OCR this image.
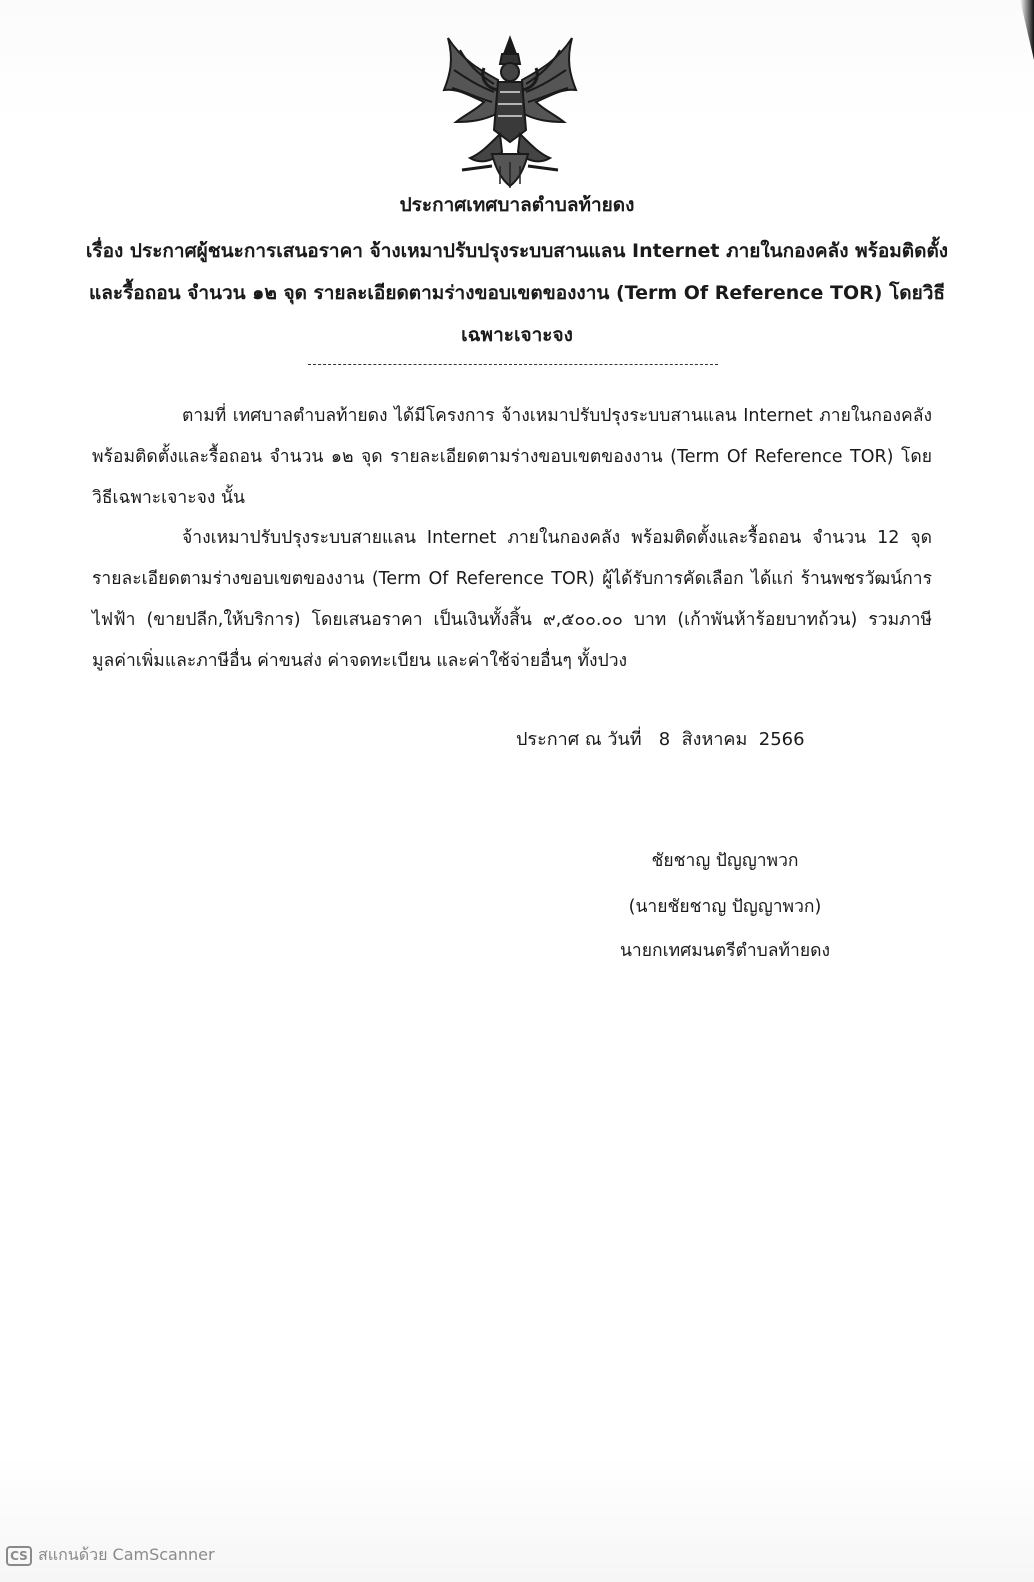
ประกาศเทศบาลตำบลท้ายดง
เรื่อง ประกาศผู้ชนะการเสนอราคา จ้างเหมาปรับปรุงระบบสานแลน Internet ภายในกองคลัง พร้อมติดตั้งและรื้อถอน จำนวน ๑๒ จุด รายละเอียดตามร่างขอบเขตของงาน (Term Of Reference TOR) โดยวิธีเฉพาะเจาะจง
ตามที่ เทศบาลตำบลท้ายดง ได้มีโครงการ จ้างเหมาปรับปรุงระบบสานแลน Internet ภายในกองคลัง พร้อมติดตั้งและรื้อถอน จำนวน ๑๒ จุด รายละเอียดตามร่างขอบเขตของงาน (Term Of Reference TOR) โดยวิธีเฉพาะเจาะจง นั้น
จ้างเหมาปรับปรุงระบบสายแลน Internet ภายในกองคลัง พร้อมติดตั้งและรื้อถอน จำนวน 12 จุด รายละเอียดตามร่างขอบเขตของงาน (Term Of Reference TOR) ผู้ได้รับการคัดเลือก ได้แก่ ร้านพชรวัฒน์การไฟฟ้า (ขายปลีก,ให้บริการ) โดยเสนอราคา เป็นเงินทั้งสิ้น ๙,๕๐๐.๐๐ บาท (เก้าพันห้าร้อยบาทถ้วน) รวมภาษีมูลค่าเพิ่มและภาษีอื่น ค่าขนส่ง ค่าจดทะเบียน และค่าใช้จ่ายอื่นๆ ทั้งปวง
ประกาศ ณ วันที่   8  สิงหาคม  2566
ชัยชาญ ปัญญาพวก
(นายชัยชาญ ปัญญาพวก)
นายกเทศมนตรีตำบลท้ายดง
CS สแกนด้วย CamScanner
